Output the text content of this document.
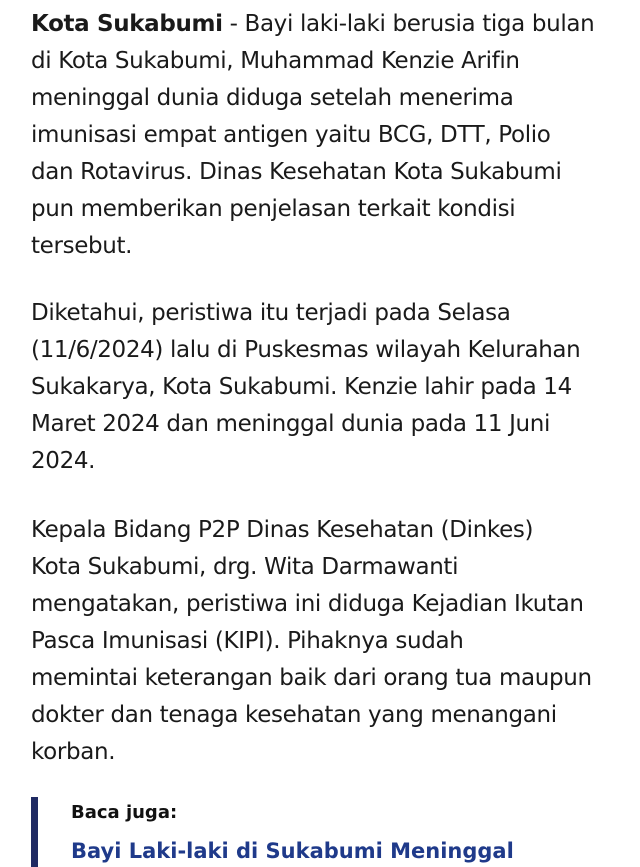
Kota Sukabumi - Bayi laki-laki berusia tiga bulan
di Kota Sukabumi, Muhammad Kenzie Arifin
meninggal dunia diduga setelah menerima
imunisasi empat antigen yaitu BCG, DTT, Polio
dan Rotavirus. Dinas Kesehatan Kota Sukabumi
pun memberikan penjelasan terkait kondisi
tersebut.

Diketahui, peristiwa itu terjadi pada Selasa
(11/6/2024) lalu di Puskesmas wilayah Kelurahan
Sukakarya, Kota Sukabumi. Kenzie lahir pada 14
Maret 2024 dan meninggal dunia pada 11 Juni
2024.

Kepala Bidang P2P Dinas Kesehatan (Dinkes)
Kota Sukabumi, drg. Wita Darmawanti
mengatakan, peristiwa ini diduga Kejadian Ikutan
Pasca Imunisasi (KIPI). Pihaknya sudah
memintai keterangan baik dari orang tua maupun
dokter dan tenaga kesehatan yang menangani
korban.

Baca juga:
Bayi Laki-laki di Sukabumi Meninggal
